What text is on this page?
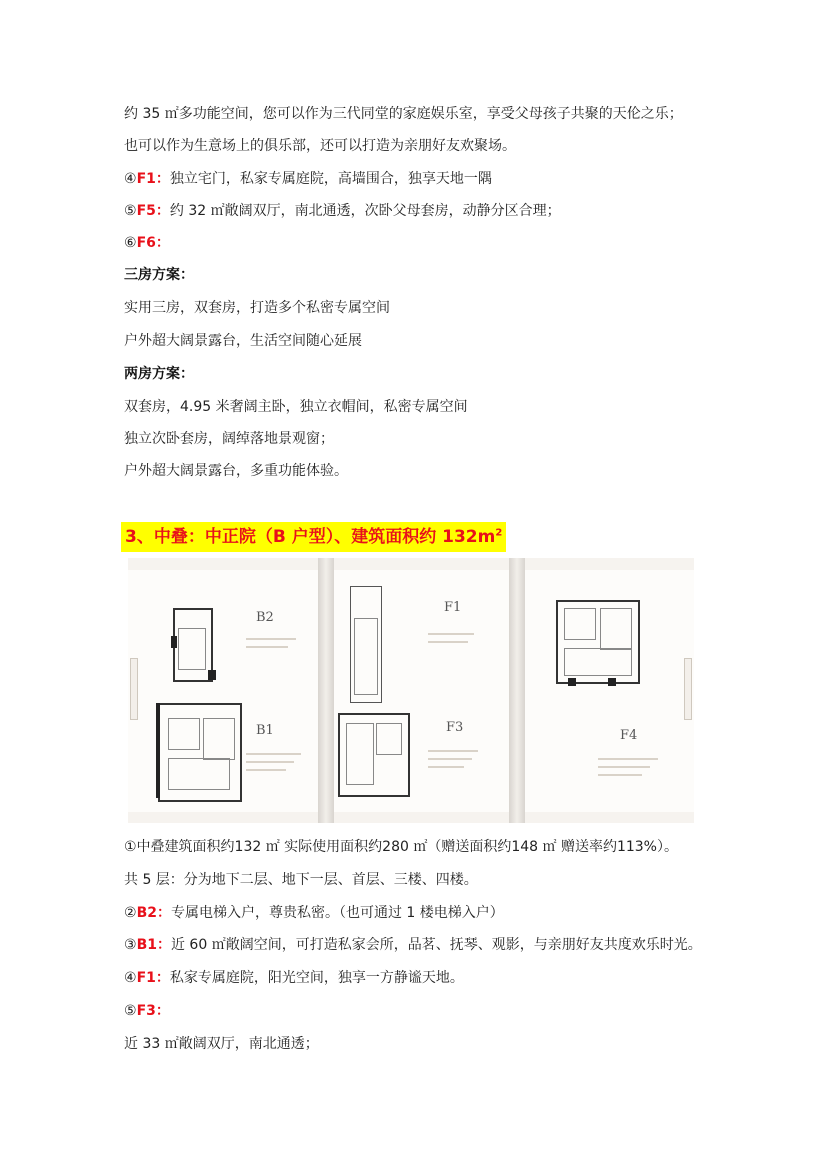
约 35 ㎡多功能空间，您可以作为三代同堂的家庭娱乐室，享受父母孩子共聚的天伦之乐；
也可以作为生意场上的俱乐部，还可以打造为亲朋好友欢聚场。
④F1：独立宅门，私家专属庭院，高墙围合，独享天地一隅
⑤F5：约 32 ㎡敞阔双厅，南北通透，次卧父母套房，动静分区合理；
⑥F6：
三房方案：
实用三房，双套房，打造多个私密专属空间
户外超大阔景露台，生活空间随心延展
两房方案：
双套房，4.95 米奢阔主卧，独立衣帽间，私密专属空间
独立次卧套房，阔绰落地景观窗；
户外超大阔景露台，多重功能体验。
3、中叠：中正院（B 户型）、建筑面积约 $132m^2$
B2
B1
F1
F3
F4
①中叠建筑面积约132 ㎡ 实际使用面积约280 ㎡（赠送面积约148 ㎡ 赠送率约113%）。
共 5 层：分为地下二层、地下一层、首层、三楼、四楼。
②B2：专属电梯入户，尊贵私密。（也可通过 1 楼电梯入户）
③B1：近 60 ㎡敞阔空间，可打造私家会所，品茗、抚琴、观影，与亲朋好友共度欢乐时光。
④F1：私家专属庭院，阳光空间，独享一方静谧天地。
⑤F3：
近 33 ㎡敞阔双厅，南北通透；
